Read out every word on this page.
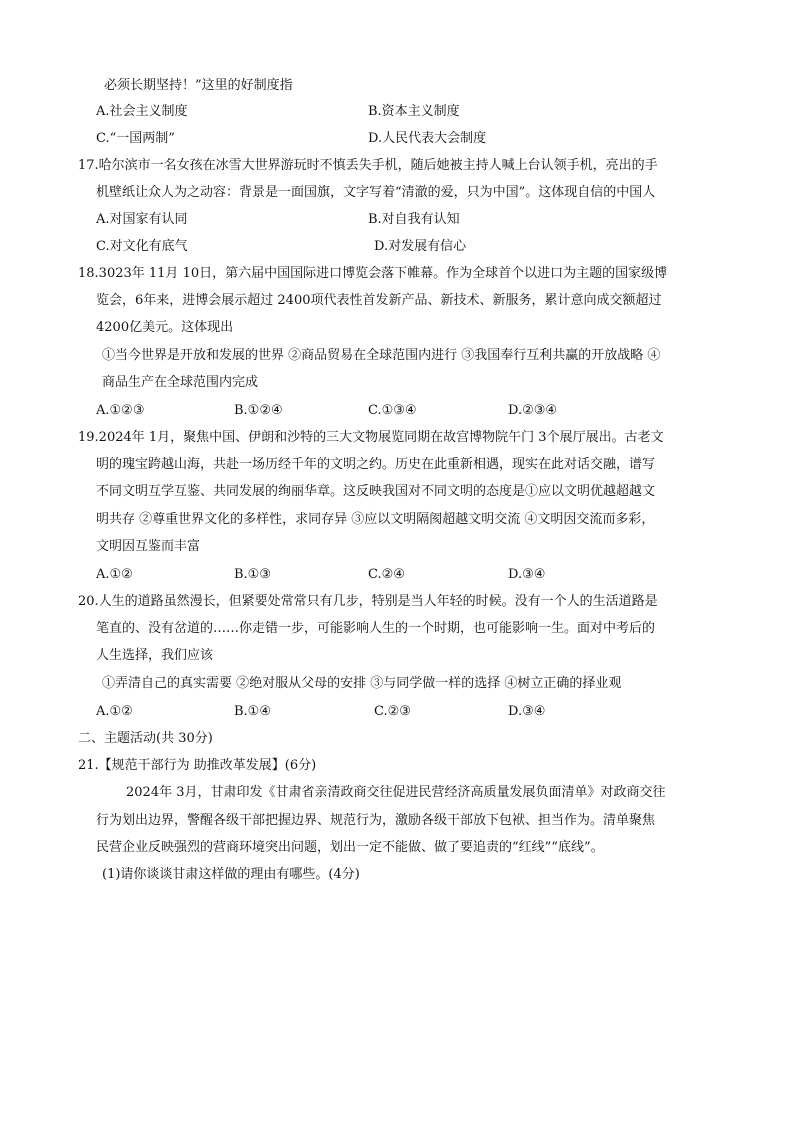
必须长期坚持！”这里的好制度指
A.社会主义制度	B.资本主义制度
C.“一国两制”	D.人民代表大会制度
17.哈尔滨市一名女孩在冰雪大世界游玩时不慎丢失手机，随后她被主持人喊上台认领手机，亮出的手
机壁纸让众人为之动容：背景是一面国旗，文字写着“清澈的爱，只为中国”。这体现自信的中国人
A.对国家有认同	B.对自我有认知
C.对文化有底气	D.对发展有信心
18.3023年 11月 10日，第六届中国国际进口博览会落下帷幕。作为全球首个以进口为主题的国家级博
览会，6年来，进博会展示超过 2400项代表性首发新产品、新技术、新服务，累计意向成交额超过
4200亿美元。这体现出
①当今世界是开放和发展的世界 ②商品贸易在全球范围内进行 ③我国奉行互利共赢的开放战略 ④
商品生产在全球范围内完成
A.①②③	B.①②④	C.①③④	D.②③④
19.2024年 1月，聚焦中国、伊朗和沙特的三大文物展览同期在故宫博物院午门 3个展厅展出。古老文
明的瑰宝跨越山海，共赴一场历经千年的文明之约。历史在此重新相遇，现实在此对话交融，谱写
不同文明互学互鉴、共同发展的绚丽华章。这反映我国对不同文明的态度是①应以文明优越超越文
明共存 ②尊重世界文化的多样性，求同存异 ③应以文明隔阂超越文明交流 ④文明因交流而多彩，
文明因互鉴而丰富
A.①②	B.①③	C.②④	D.③④
20.人生的道路虽然漫长，但紧要处常常只有几步，特别是当人年轻的时候。没有一个人的生活道路是
笔直的、没有岔道的……你走错一步，可能影响人生的一个时期，也可能影响一生。面对中考后的
人生选择，我们应该
①弄清自己的真实需要 ②绝对服从父母的安排 ③与同学做一样的选择 ④树立正确的择业观
A.①②	B.①④	C.②③	D.③④
二、主题活动(共 30分)
21.【规范干部行为 助推改革发展】(6分)
2024年 3月，甘肃印发《甘肃省亲清政商交往促进民营经济高质量发展负面清单》对政商交往
行为划出边界，警醒各级干部把握边界、规范行为，激励各级干部放下包袱、担当作为。清单聚焦
民营企业反映强烈的营商环境突出问题，划出一定不能做、做了要追责的“红线”“底线”。
(1)请你谈谈甘肃这样做的理由有哪些。(4分)
